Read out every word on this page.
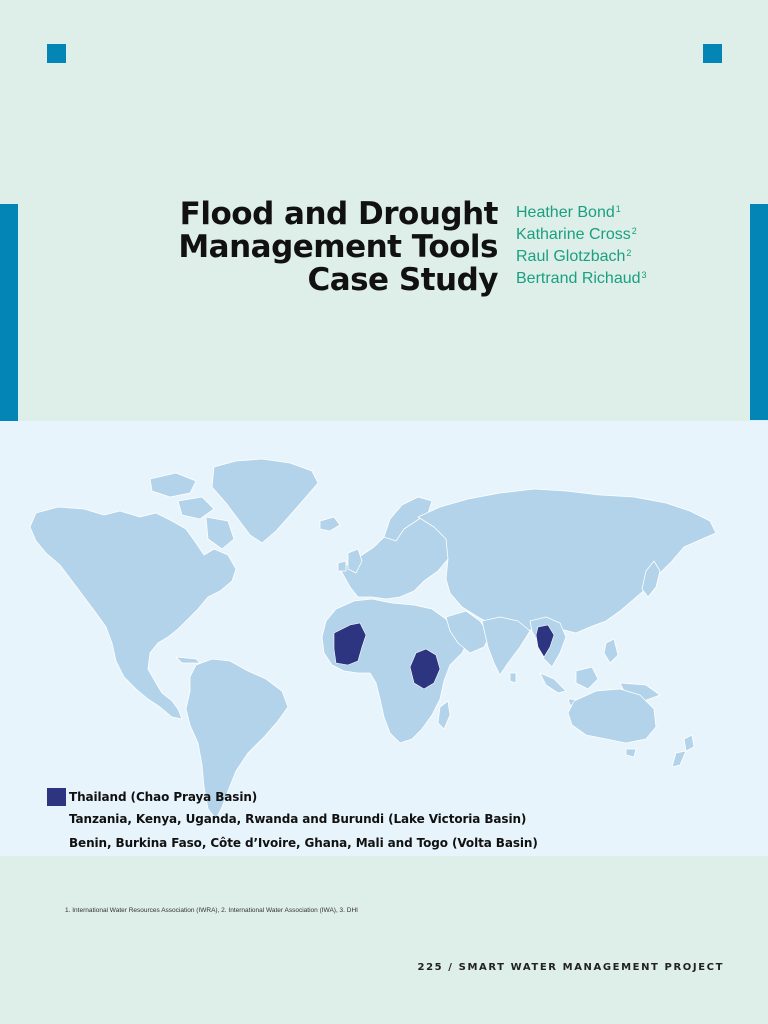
Flood and Drought
Management Tools
Case Study
Heather Bond$^1$
Katharine Cross$^2$
Raul Glotzbach$^2$
Bertrand Richaud$^3$
Thailand (Chao Praya Basin)
Tanzania, Kenya, Uganda, Rwanda and Burundi (Lake Victoria Basin)
Benin, Burkina Faso, Côte d’Ivoire, Ghana, Mali and Togo (Volta Basin)
1. International Water Resources Association (IWRA), 2. International Water Association (IWA), 3. DHI
225 / SMART WATER MANAGEMENT PROJECT
